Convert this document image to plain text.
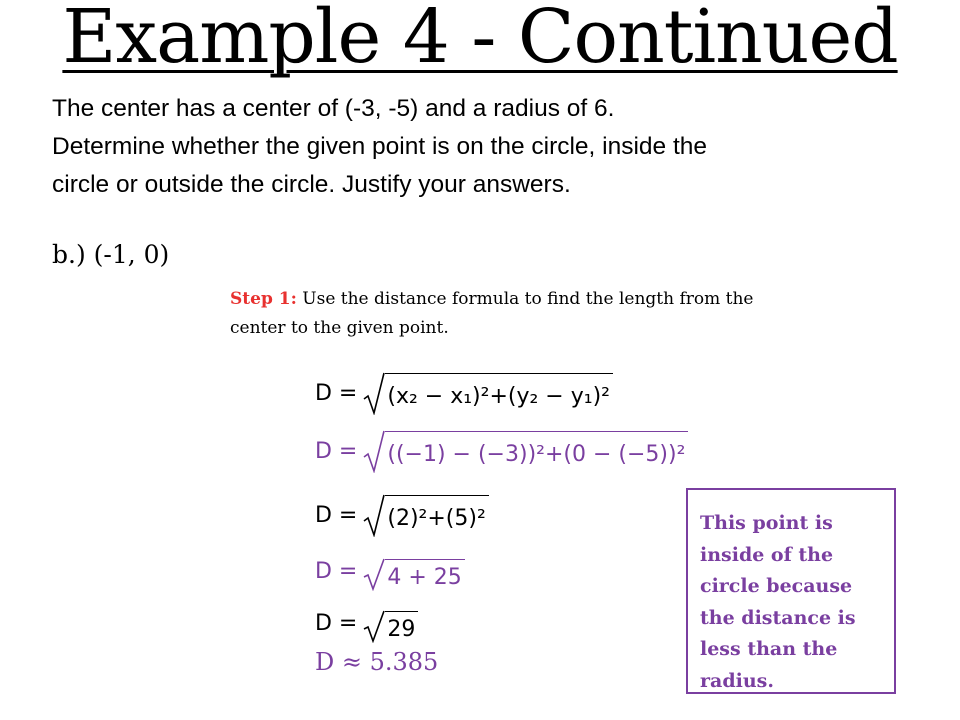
Example 4 - Continued
The center has a center of (-3, -5) and a radius of 6.
Determine whether the given point is on the circle, inside the
circle or outside the circle. Justify your answers.
b.) (-1, 0)
Step 1: Use the distance formula to find the length from the
center to the given point.
D = (x₂ − x₁)²+(y₂ − y₁)²
D = ((−1) − (−3))²+(0 − (−5))²
D = (2)²+(5)²
D = 4 + 25
D = 29
D ≈ 5.385
This point is
inside of the
circle because
the distance is
less than the
radius.
